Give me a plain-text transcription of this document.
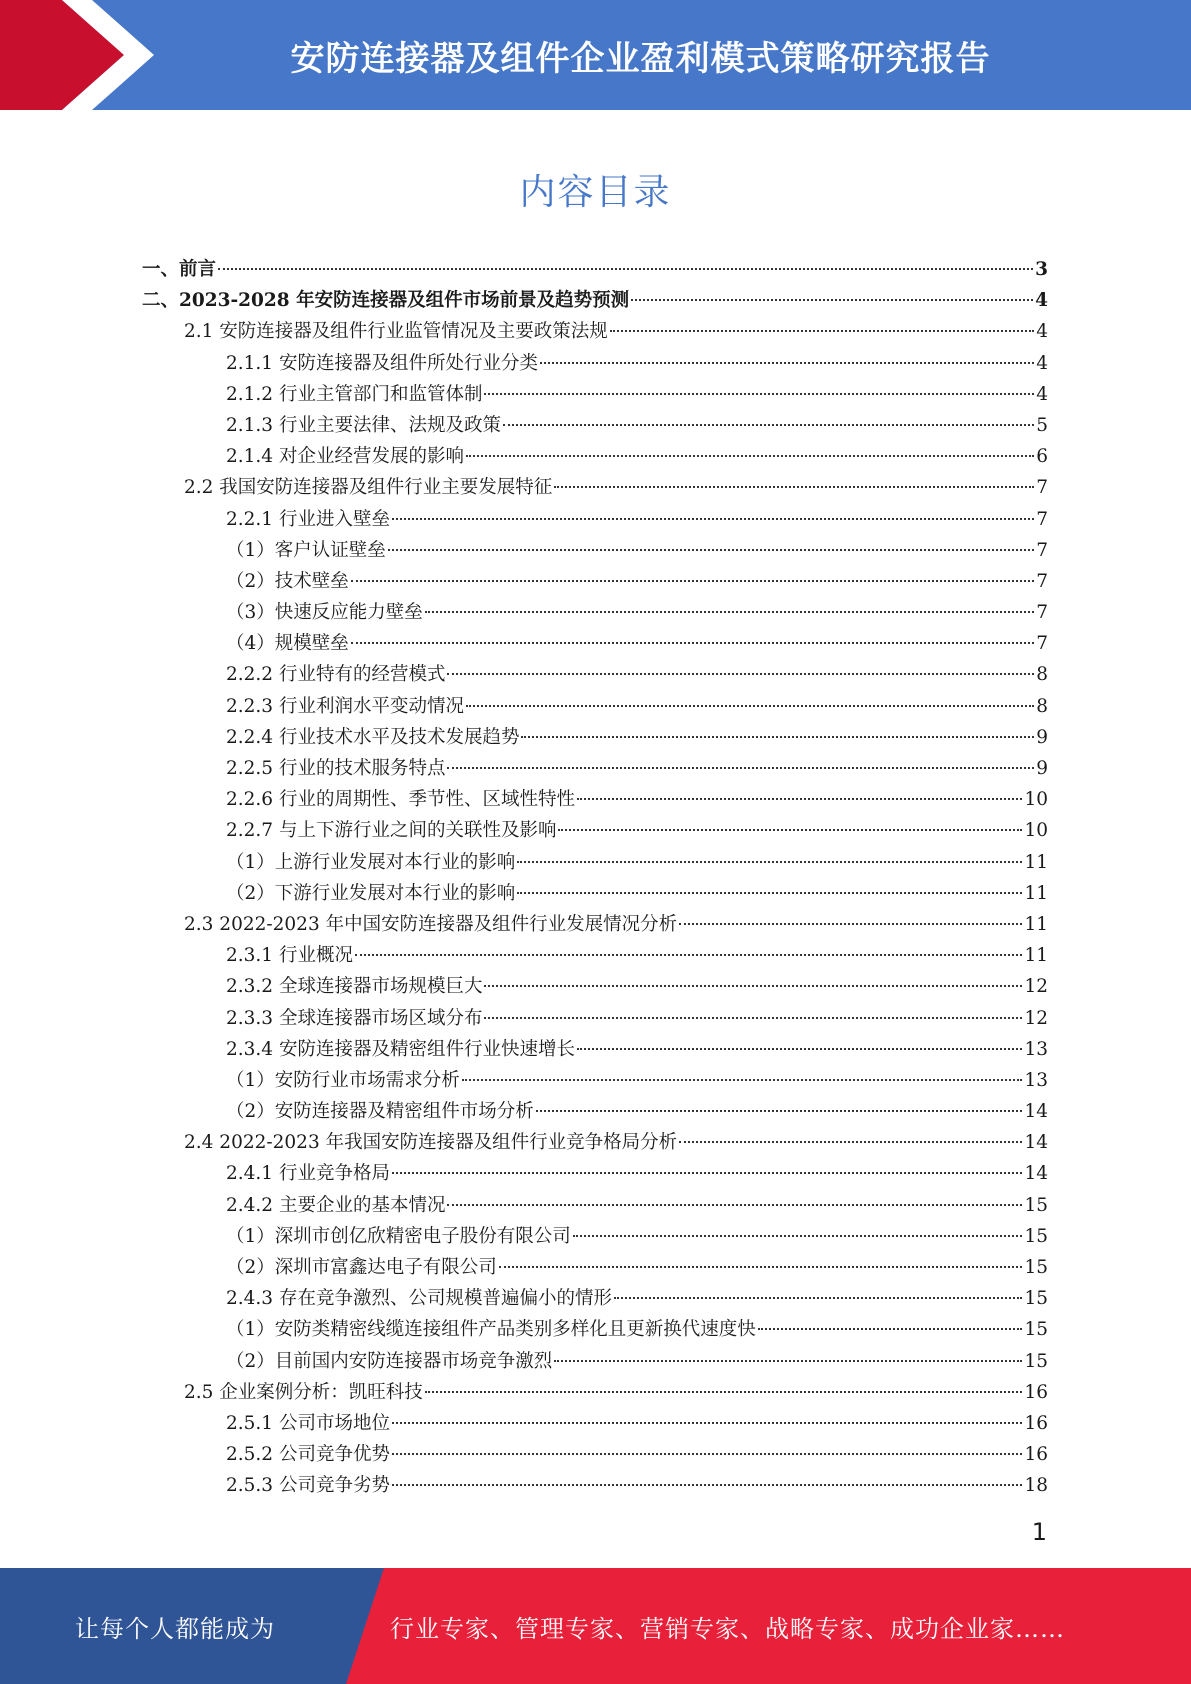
安防连接器及组件企业盈利模式策略研究报告
内容目录
一、前言	3
二、2023-2028 年安防连接器及组件市场前景及趋势预测	4
2.1 安防连接器及组件行业监管情况及主要政策法规	4
2.1.1 安防连接器及组件所处行业分类	4
2.1.2 行业主管部门和监管体制	4
2.1.3 行业主要法律、法规及政策	5
2.1.4 对企业经营发展的影响	6
2.2 我国安防连接器及组件行业主要发展特征	7
2.2.1 行业进入壁垒	7
（1）客户认证壁垒	7
（2）技术壁垒	7
（3）快速反应能力壁垒	7
（4）规模壁垒	7
2.2.2 行业特有的经营模式	8
2.2.3 行业利润水平变动情况	8
2.2.4 行业技术水平及技术发展趋势	9
2.2.5 行业的技术服务特点	9
2.2.6 行业的周期性、季节性、区域性特性	10
2.2.7 与上下游行业之间的关联性及影响	10
（1）上游行业发展对本行业的影响	11
（2）下游行业发展对本行业的影响	11
2.3 2022-2023 年中国安防连接器及组件行业发展情况分析	11
2.3.1 行业概况	11
2.3.2 全球连接器市场规模巨大	12
2.3.3 全球连接器市场区域分布	12
2.3.4 安防连接器及精密组件行业快速增长	13
（1）安防行业市场需求分析	13
（2）安防连接器及精密组件市场分析	14
2.4 2022-2023 年我国安防连接器及组件行业竞争格局分析	14
2.4.1 行业竞争格局	14
2.4.2 主要企业的基本情况	15
（1）深圳市创亿欣精密电子股份有限公司	15
（2）深圳市富鑫达电子有限公司	15
2.4.3 存在竞争激烈、公司规模普遍偏小的情形	15
（1）安防类精密线缆连接组件产品类别多样化且更新换代速度快	15
（2）目前国内安防连接器市场竞争激烈	15
2.5 企业案例分析：凯旺科技	16
2.5.1 公司市场地位	16
2.5.2 公司竞争优势	16
2.5.3 公司竞争劣势	18
1
让每个人都能成为	行业专家、管理专家、营销专家、战略专家、成功企业家……
